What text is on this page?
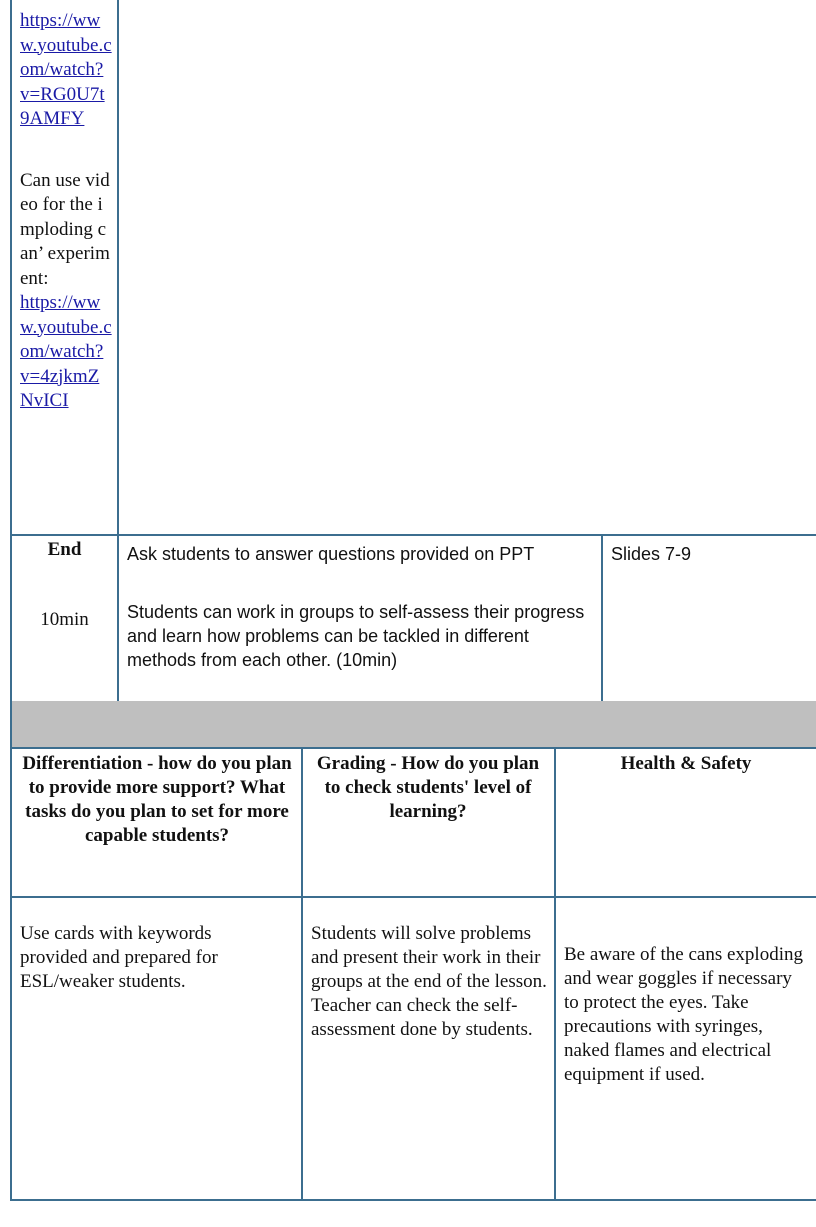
https://www.youtube.com/watch?v=RG0U7t9AMFY
Can use video for the imploding can’ experiment:
https://www.youtube.com/watch?v=4zjkmZNvICI
End
10min
Ask students to answer questions provided on PPT
Students can work in groups to self-assess their progress and learn how problems can be tackled in different methods from each other. (10min)
Slides 7-9
Differentiation - how do you plan to provide more support? What tasks do you plan to set for more capable students?
Grading - How do you plan to check students' level of learning?
Health & Safety
Use cards with keywords provided and prepared for ESL/weaker students.
Students will solve problems and present their work in their groups at the end of the lesson. Teacher can check the self-assessment done by students.
Be aware of the cans exploding and wear goggles if necessary to protect the eyes. Take precautions with syringes, naked flames and electrical equipment if used.
